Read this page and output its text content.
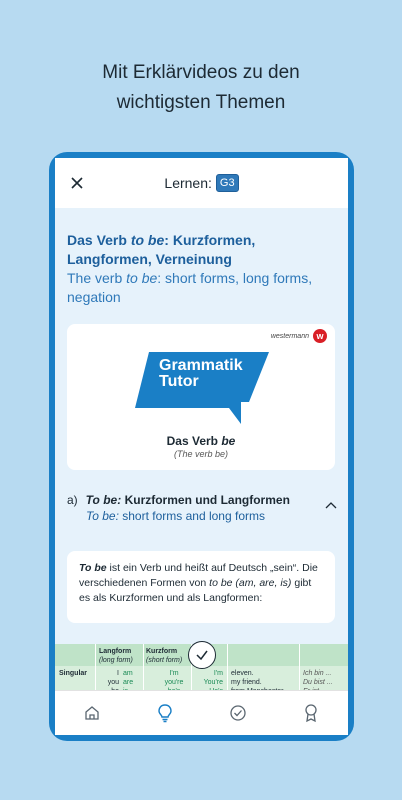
Mit Erklärvideos zu den
wichtigsten Themen
Lernen: G3
Das Verb to be: Kurzformen, Langformen, Verneinung
The verb to be: short forms, long forms, negation
westermann w
Grammatik
Tutor
Das Verb be
(The verb be)
a) To be: Kurzformen und Langformen
To be: short forms and long forms
To be ist ein Verb und heißt auf Deutsch „sein“. Die verschiedenen Formen von to be (am, are, is) gibt es als Kurzformen und als Langformen:
Langform
(long form)
Kurzform
(short form)
Singular	I
you
am
are
I'm
you're
I'm
You're
eleven.
my friend.
Ich bin ...
Du bist ...
